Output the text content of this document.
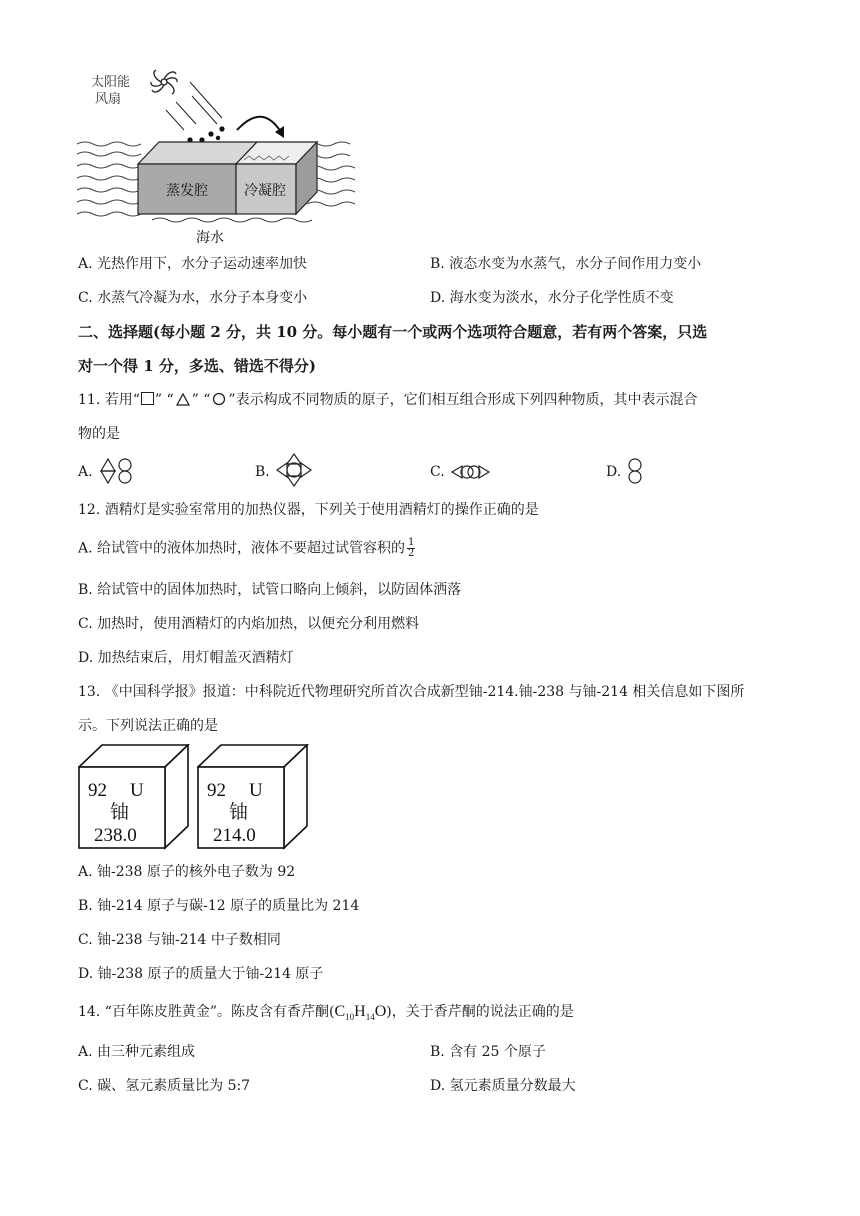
太阳能
风扇
蒸发腔	冷凝腔
海水
A. 光热作用下，水分子运动速率加快	B. 液态水变为水蒸气，水分子间作用力变小
C. 水蒸气冷凝为水，水分子本身变小	D. 海水变为淡水，水分子化学性质不变
二、选择题(每小题 2 分，共 10 分。每小题有一个或两个选项符合题意，若有两个答案，只选
对一个得 1 分，多选、错选不得分)
11. 若用“ ” “ ” “ ”表示构成不同物质的原子，它们相互组合形成下列四种物质，其中表示混合
物的是
A.	B.	C.	D.
12. 酒精灯是实验室常用的加热仪器，下列关于使用酒精灯的操作正确的是
A. 给试管中的液体加热时，液体不要超过试管容积的 $\frac{1}{2}$
B. 给试管中的固体加热时，试管口略向上倾斜，以防固体洒落
C. 加热时，使用酒精灯的内焰加热，以便充分利用燃料
D. 加热结束后，用灯帽盖灭酒精灯
13. 《中国科学报》报道：中科院近代物理研究所首次合成新型铀-214.铀-238 与铀-214 相关信息如下图所
示。下列说法正确的是
92 U
铀
238.0
92 U
铀
214.0
A. 铀-238 原子的核外电子数为 92
B. 铀-214 原子与碳-12 原子的质量比为 214
C. 铀-238 与铀-214 中子数相同
D. 铀-238 原子的质量大于铀-214 原子
14. “百年陈皮胜黄金”。陈皮含有香芹酮$(C_{10}H_{14}O)$，关于香芹酮的说法正确的是
A. 由三种元素组成	B. 含有 25 个原子
C. 碳、氢元素质量比为 5:7	D. 氢元素质量分数最大
